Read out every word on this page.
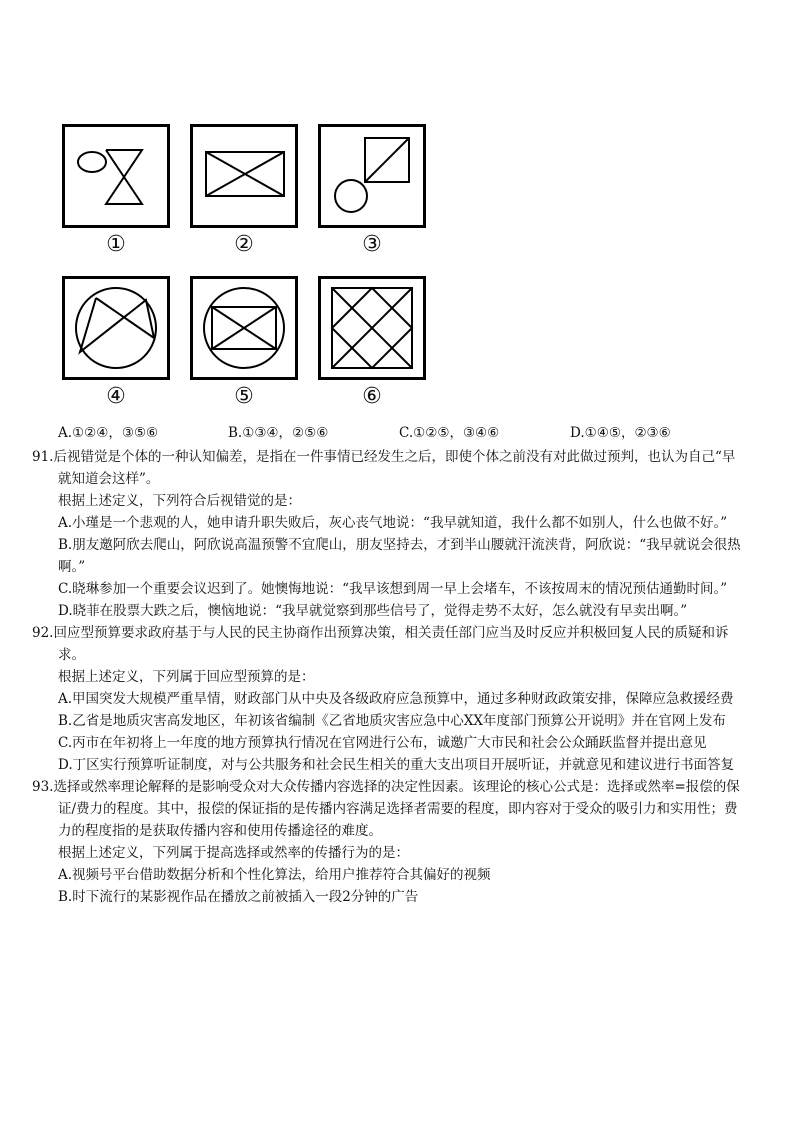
①	②	③
④	⑤	⑥
A.①②④，③⑤⑥	B.①③④，②⑤⑥	C.①②⑤，③④⑥	D.①④⑤，②③⑥
91.后视错觉是个体的一种认知偏差，是指在一件事情已经发生之后，即使个体之前没有对此做过预判，也认为自己“早就知道会这样”。
根据上述定义，下列符合后视错觉的是：
A.小瑾是一个悲观的人，她申请升职失败后，灰心丧气地说：“我早就知道，我什么都不如别人，什么也做不好。”
B.朋友邀阿欣去爬山，阿欣说高温预警不宜爬山，朋友坚持去，才到半山腰就汗流浃背，阿欣说：“我早就说会很热啊。”
C.晓琳参加一个重要会议迟到了。她懊悔地说：“我早该想到周一早上会堵车，不该按周末的情况预估通勤时间。”
D.晓菲在股票大跌之后，懊恼地说：“我早就觉察到那些信号了，觉得走势不太好，怎么就没有早卖出啊。”
92.回应型预算要求政府基于与人民的民主协商作出预算决策，相关责任部门应当及时反应并积极回复人民的质疑和诉求。
根据上述定义，下列属于回应型预算的是：
A.甲国突发大规模严重旱情，财政部门从中央及各级政府应急预算中，通过多种财政政策安排，保障应急救援经费
B.乙省是地质灾害高发地区，年初该省编制《乙省地质灾害应急中心XX年度部门预算公开说明》并在官网上发布
C.丙市在年初将上一年度的地方预算执行情况在官网进行公布，诚邀广大市民和社会公众踊跃监督并提出意见
D.丁区实行预算听证制度，对与公共服务和社会民生相关的重大支出项目开展听证，并就意见和建议进行书面答复
93.选择或然率理论解释的是影响受众对大众传播内容选择的决定性因素。该理论的核心公式是：选择或然率=报偿的保证/费力的程度。其中，报偿的保证指的是传播内容满足选择者需要的程度，即内容对于受众的吸引力和实用性；费力的程度指的是获取传播内容和使用传播途径的难度。
根据上述定义，下列属于提高选择或然率的传播行为的是：
A.视频号平台借助数据分析和个性化算法，给用户推荐符合其偏好的视频
B.时下流行的某影视作品在播放之前被插入一段2分钟的广告
